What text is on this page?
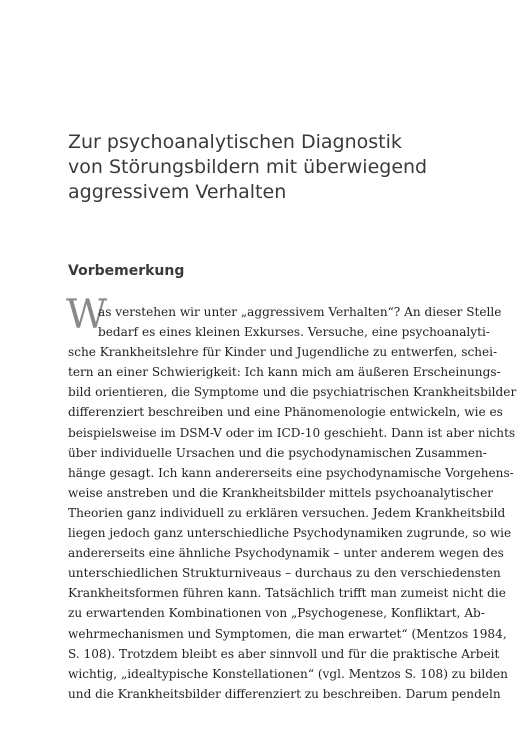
Zur psychoanalytischen Diagnostik
von Störungsbildern mit überwiegend
aggressivem Verhalten
Vorbemerkung
W

as verstehen wir unter „aggressivem Verhalten“? An dieser Stelle
bedarf es eines kleinen Exkurses. Versuche, eine psychoanalyti-
sche Krankheitslehre für Kinder und Jugendliche zu entwerfen, schei-
tern an einer Schwierigkeit: Ich kann mich am äußeren Erscheinungs-
bild orientieren, die Symptome und die psychiatrischen Krankheitsbilder
differenziert beschreiben und eine Phänomenologie entwickeln, wie es
beispielsweise im DSM-V oder im ICD-10 geschieht. Dann ist aber nichts
über individuelle Ursachen und die psychodynamischen Zusammen-
hänge gesagt. Ich kann andererseits eine psychodynamische Vorgehens-
weise anstreben und die Krankheitsbilder mittels psychoanalytischer
Theorien ganz individuell zu erklären versuchen. Jedem Krankheitsbild
liegen jedoch ganz unterschiedliche Psychodynamiken zugrunde, so wie
andererseits eine ähnliche Psychodynamik – unter anderem wegen des
unterschiedlichen Strukturniveaus – durchaus zu den verschiedensten
Krankheitsformen führen kann. Tatsächlich trifft man zumeist nicht die
zu erwartenden Kombinationen von „Psychogenese, Konfliktart, Ab-
wehrmechanismen und Symptomen, die man erwartet“ (Mentzos 1984,
S. 108). Trotzdem bleibt es aber sinnvoll und für die praktische Arbeit
wichtig, „idealtypische Konstellationen“ (vgl. Mentzos S. 108) zu bilden
und die Krankheitsbilder differenziert zu beschreiben. Darum pendeln
